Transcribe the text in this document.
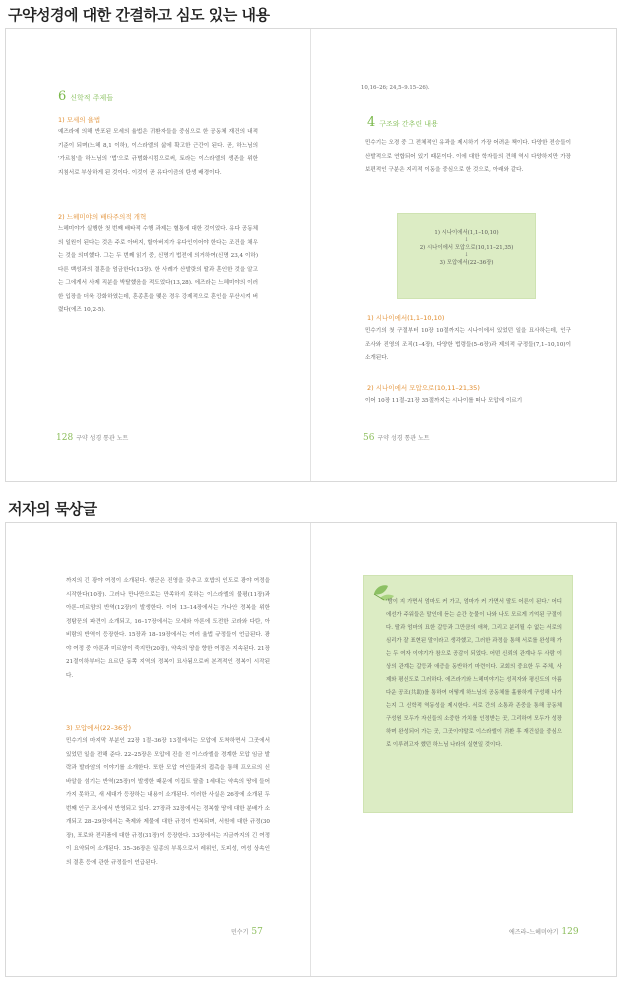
구약성경에 대한 간결하고 심도 있는 내용
6 신학적 주제들
1) 모세의 율법
예즈라에 의해 반포된 모세의 율법은 귀환자들을 중심으로 한 공동체 재건의 내적 기준이 되며(느헤 8,1 이하), 이스라엘의 삶에 확고한 근간이 된다. 곧, 하느님의 '가르침'을 하느님의 '법'으로 규범화시킴으로써, 토라는 이스라엘의 생존을 위한 지침서로 부상하게 된 것이다. 이것이 곧 유다이즘의 탄생 배경이다.
2) 느헤미야의 배타주의적 개혁
느헤미야가 실행한 첫 번째 배타적 수행 과제는 혈통에 대한 것이었다. 유다 공동체의 일원이 된다는 것은 주로 아버지, 할아버지가 유다인이어야 한다는 조건을 채우는 것을 의미했다. 그는 두 번째 읽기 중, 신명기 법전에 의거하여(신명 23,4 이하) 다른 백성과의 결혼을 엄금한다(13장). 한 사례가 산발랏의 딸과 혼인한 것을 알고는 그에게서 사제 직분을 박탈했음을 적도었다(13,28). 에즈라는 느헤미야의 이러한 입장을 더욱 강화하였는데, 혼종혼을 맺은 경우 강제적으로 혼인을 무산시켜 버렸다(에즈 10,2-5).
128 구약 성경 통관 노트
10,16–26; 24,5–9.15–26).
4 구조와 간추린 내용
민수기는 오경 중 그 전체적인 유곽을 제시하기 가장 어려운 책이다. 다양한 전승들이 산발적으로 연합되어 있기 때문이다. 이에 대한 학자들의 견해 역시 다양하지만 가장 보편적인 구분은 지리적 이동을 중심으로 한 것으로, 아래와 같다.
1) 시나이에서(1,1–10,10)
↓
2) 시나이에서 모압으로(10,11–21,35)
↓
3) 모압에서(22–36장)
1) 시나이에서(1,1–10,10)
민수기의 첫 구절부터 10장 10절까지는 시나이에서 있었던 일을 묘사하는데, 인구 조사와 진영의 조직(1–4장), 다양한 법령들(5–6장)과 제의적 규정들(7,1–10,10)이 소개된다.
2) 시나이에서 모압으로(10,11–21,35)
이어 10장 11절–21장 35절까지는 시나이를 떠나 모압에 이르기
56 구약 성경 통관 노트
저자의 묵상글
까지의 긴 광야 여정이 소개된다. 행군은 진영을 갖추고 호밥의 인도로 광야 여정을 시작한다(10장). 그러나 만나만으로는 만족하지 못하는 이스라엘의 불평(11장)과 아론–미르얌의 반역(12장)이 발생한다. 이어 13–14장에서는 가나안 정복을 위한 정탐꾼의 파견이 소개되고, 16–17장에서는 모세와 아론에 도전한 코라와 다탄, 아비람의 반역이 등장한다. 15장과 18–19장에서는 여러 율법 규정들이 언급된다. 광야 여정 중 아론과 미르얌이 죽지만(20장), 약속의 땅을 향한 여정은 지속된다. 21장 21절이하부터는 요르단 동쪽 지역의 정복이 묘사됨으로써 본격적인 정복이 시작된다.
3) 모압에서(22–36장)
민수기의 마지막 부분인 22장 1절–36장 13절에서는 모압에 도착하면서 그곳에서 있었던 일을 전해 준다. 22–25장은 모압에 진을 친 이스라엘을 경계한 모압 임금 발락과 발라암의 이야기를 소개한다. 또한 모압 여인들과의 접촉을 통해 프오르의 신 바알을 섬기는 반역(25장)이 발생한 때문에 이집트 탈출 1세대는 약속의 땅에 들어가지 못하고, 새 세대가 등장하는 내용이 소개된다. 이러한 사실은 26장에 소개된 두 번째 인구 조사에서 반영되고 있다. 27장과 32장에서는 정복할 땅에 대한 분배가 소개되고 28–29장에서는 축제와 제물에 대한 규정이 반복되며, 서원에 대한 규정(30장), 포로와 전리품에 대한 규정(31장)이 등장한다. 33장에서는 지금까지의 긴 여정이 요약되어 소개된다. 35–36장은 일종의 부록으로서 레위인, 도피성, 여성 상속인의 결혼 등에 관한 규정들이 언급된다.
민수기 57
'밤이 지 가면서 엄마도 커 가고, 엄마가 커 가면서 딸도 어른이 된다.' 어디에선가 주워들은 말인데 듣는 순간 눈물이 나와 나도 모르게 기억된 구절이다. 딸과 엄마의 묘한 갈등과 그만큼의 애착, 그리고 분리될 수 없는 서로의 심리가 잘 표현된 말이라고 생각했고, 그러한 과정을 통해 서로를 완성해 가는 두 여자 이야기가 참으로 공감이 되었다. 어떤 신뢰의 관계나 두 사람 이상의 관계는 갈등과 애증을 동반하기 마련이다. 교회의 중요한 두 주체, 사제와 평신도로 그러하다. 에즈라기와 느헤미야기는 성직자와 평신도의 아름다운 공조(共助)를 통하여 어떻게 하느님의 공동체를 훌륭하게 구성해 나가는지 그 신학적 역동성을 제시한다. 서로 간의 소통과 존중을 통해 공동체 구성원 모두가 자신들의 소중한 가치를 인정받는 곳, 그리하여 모두가 성장하며 완성되어 가는 곳, 그곳이야말로 이스라엘이 귀환 후 재건설을 중심으로 이루려고자 했던 하느님 나라의 실현일 것이다.
에즈라–느헤미야기 129
